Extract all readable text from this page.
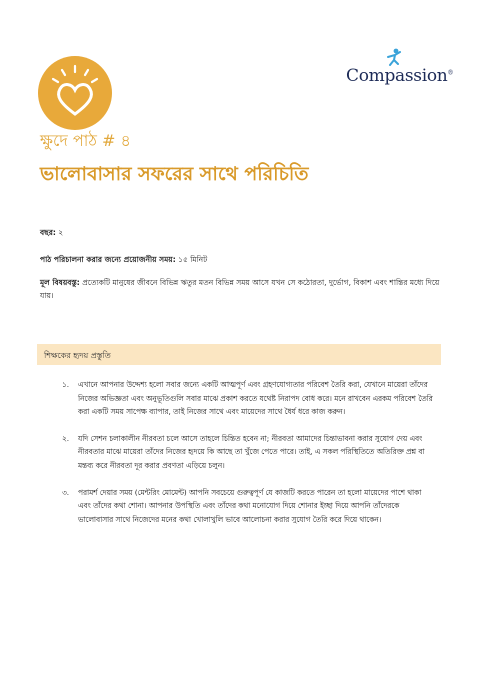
Compassion®
ক্ষুদে পাঠ # ৪
ভালোবাসার সফরের সাথে পরিচিতি
বছর: ২
পাঠ পরিচালনা করার জন্যে প্রয়োজনীয় সময়: ১৫ মিনিট
মূল বিষয়বস্তু: প্রত্যেকটি মানুষের জীবনে বিভিন্ন ঋতুর মতন বিভিন্ন সময় আসে যখন সে কঠোরতা, দুর্ভোগ, বিকাশ এবং শান্তির মধ্যে দিয়ে যায়।
শিক্ষকের হৃদয় প্রস্তুতি
১. এখানে আপনার উদ্দেশ্য হলো সবার জন্যে একটি আত্মপূর্ণ এবং গ্রহণযোগ্যতার পরিবেশ তৈরি করা, যেখানে মায়েরা তাঁদের নিজের অভিজ্ঞতা এবং অনুভূতিগুলি সবার মাঝে প্রকাশ করতে যথেষ্ট নিরাপদ বোধ করে। মনে রাখবেন এরকম পরিবেশ তৈরি করা একটি সময় সাপেক্ষ ব্যাপার, তাই নিজের সাথে এবং মায়েদের সাথে ধৈর্য ধরে কাজ করুন।
২. যদি সেশন চলাকালীন নীরবতা চলে আসে তাহলে চিন্তিত হবেন না; নীরবতা আমাদের চিন্তাভাবনা করার সুযোগ দেয় এবং নীরবতার মাঝে মায়েরা তাঁদের নিজের হৃদয়ে কি আছে তা খুঁজে পেতে পারে। তাই, এ সকল পরিস্থিতিতে অতিরিক্ত প্রশ্ন বা মন্তব্য করে নীরবতা দূর করার প্রবণতা এড়িয়ে চলুন।
৩. পরামর্শ দেয়ার সময় (মেন্টরিং মোমেন্ট) আপনি সবচেয়ে গুরুত্বপূর্ণ যে কাজটি করতে পারেন তা হলো মায়েদের পাশে থাকা এবং তাঁদের কথা শোনা। আপনার উপস্থিতি এবং তাঁদের কথা মনোযোগ দিয়ে শোনার ইচ্ছা দিয়ে আপনি তাঁদেরকে ভালোবাসার সাথে নিজেদের মনের কথা খোলাখুলি ভাবে আলোচনা করার সুযোগ তৈরি করে দিয়ে থাকেন।
